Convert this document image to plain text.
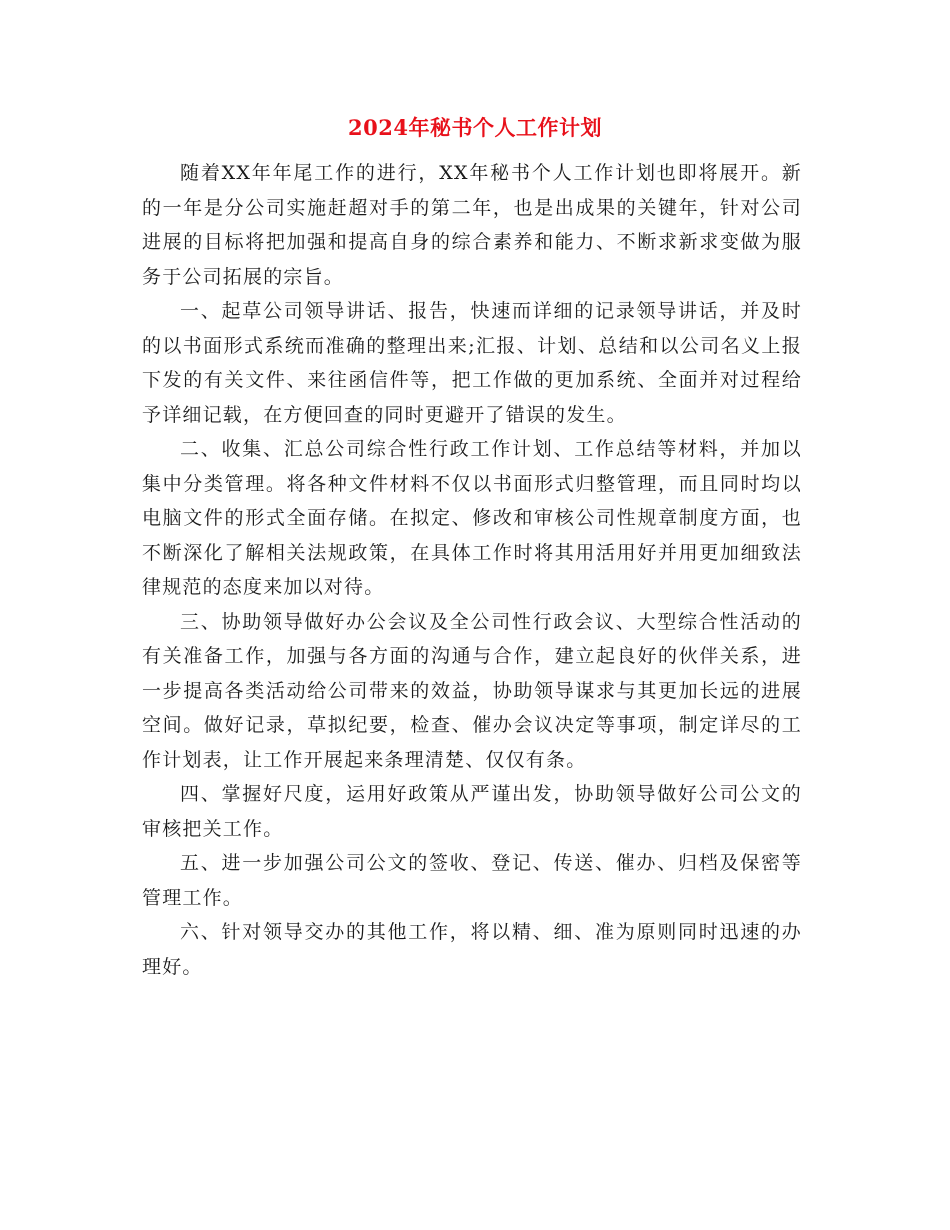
2024年秘书个人工作计划

随着XX年年尾工作的进行，XX年秘书个人工作计划也即将展开。新的一年是分公司实施赶超对手的第二年，也是出成果的关键年，针对公司进展的目标将把加强和提高自身的综合素养和能力、不断求新求变做为服务于公司拓展的宗旨。

一、起草公司领导讲话、报告，快速而详细的记录领导讲话，并及时的以书面形式系统而准确的整理出来;汇报、计划、总结和以公司名义上报下发的有关文件、来往函信件等，把工作做的更加系统、全面并对过程给予详细记载，在方便回查的同时更避开了错误的发生。

二、收集、汇总公司综合性行政工作计划、工作总结等材料，并加以集中分类管理。将各种文件材料不仅以书面形式归整管理，而且同时均以电脑文件的形式全面存储。在拟定、修改和审核公司性规章制度方面，也不断深化了解相关法规政策，在具体工作时将其用活用好并用更加细致法律规范的态度来加以对待。

三、协助领导做好办公会议及全公司性行政会议、大型综合性活动的有关准备工作，加强与各方面的沟通与合作，建立起良好的伙伴关系，进一步提高各类活动给公司带来的效益，协助领导谋求与其更加长远的进展空间。做好记录，草拟纪要，检查、催办会议决定等事项，制定详尽的工作计划表，让工作开展起来条理清楚、仅仅有条。

四、掌握好尺度，运用好政策从严谨出发，协助领导做好公司公文的审核把关工作。

五、进一步加强公司公文的签收、登记、传送、催办、归档及保密等管理工作。

六、针对领导交办的其他工作，将以精、细、准为原则同时迅速的办理好。
